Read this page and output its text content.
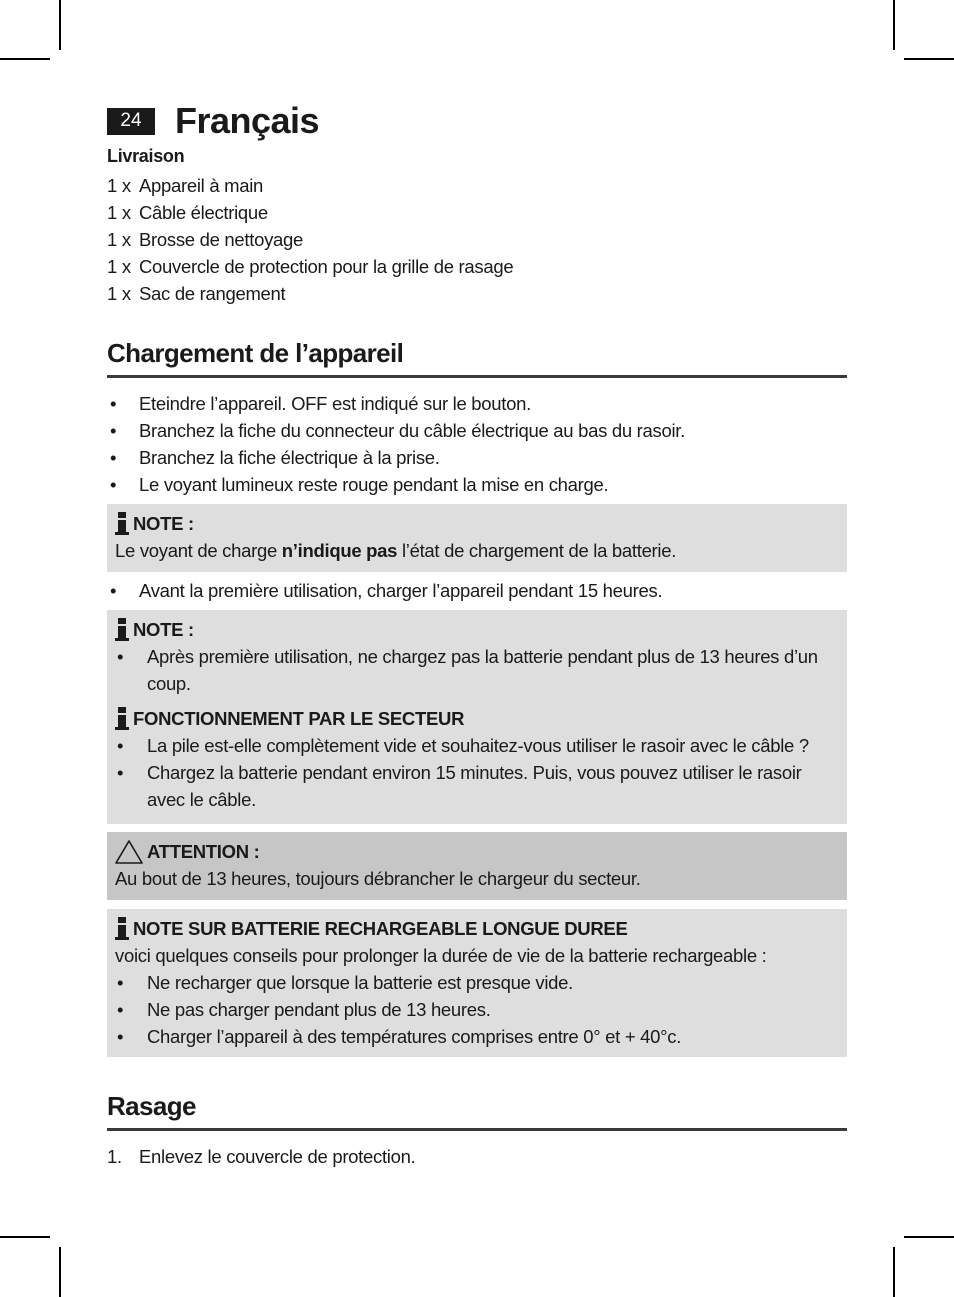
24 Français
Livraison
1 x Appareil à main
1 x Câble électrique
1 x Brosse de nettoyage
1 x Couvercle de protection pour la grille de rasage
1 x Sac de rangement
Chargement de l’appareil
•	Eteindre l’appareil. OFF est indiqué sur le bouton.
•	Branchez la fiche du connecteur du câble électrique au bas du rasoir.
•	Branchez la fiche électrique à la prise.
•	Le voyant lumineux reste rouge pendant la mise en charge.
NOTE :
Le voyant de charge n’indique pas l’état de chargement de la batterie.
•	Avant la première utilisation, charger l’appareil pendant 15 heures.
NOTE :
•	Après première utilisation, ne chargez pas la batterie pendant plus de 13 heures d’un coup.
FONCTIONNEMENT PAR LE SECTEUR
•	La pile est-elle complètement vide et souhaitez-vous utiliser le rasoir avec le câble ?
•	Chargez la batterie pendant environ 15 minutes. Puis, vous pouvez utiliser le rasoir avec le câble.
ATTENTION :
Au bout de 13 heures, toujours débrancher le chargeur du secteur.
NOTE SUR BATTERIE RECHARGEABLE LONGUE DUREE
voici quelques conseils pour prolonger la durée de vie de la batterie rechargeable :
•	Ne recharger que lorsque la batterie est presque vide.
•	Ne pas charger pendant plus de 13 heures.
•	Charger l’appareil à des températures comprises entre 0° et + 40°c.
Rasage
1. Enlevez le couvercle de protection.
